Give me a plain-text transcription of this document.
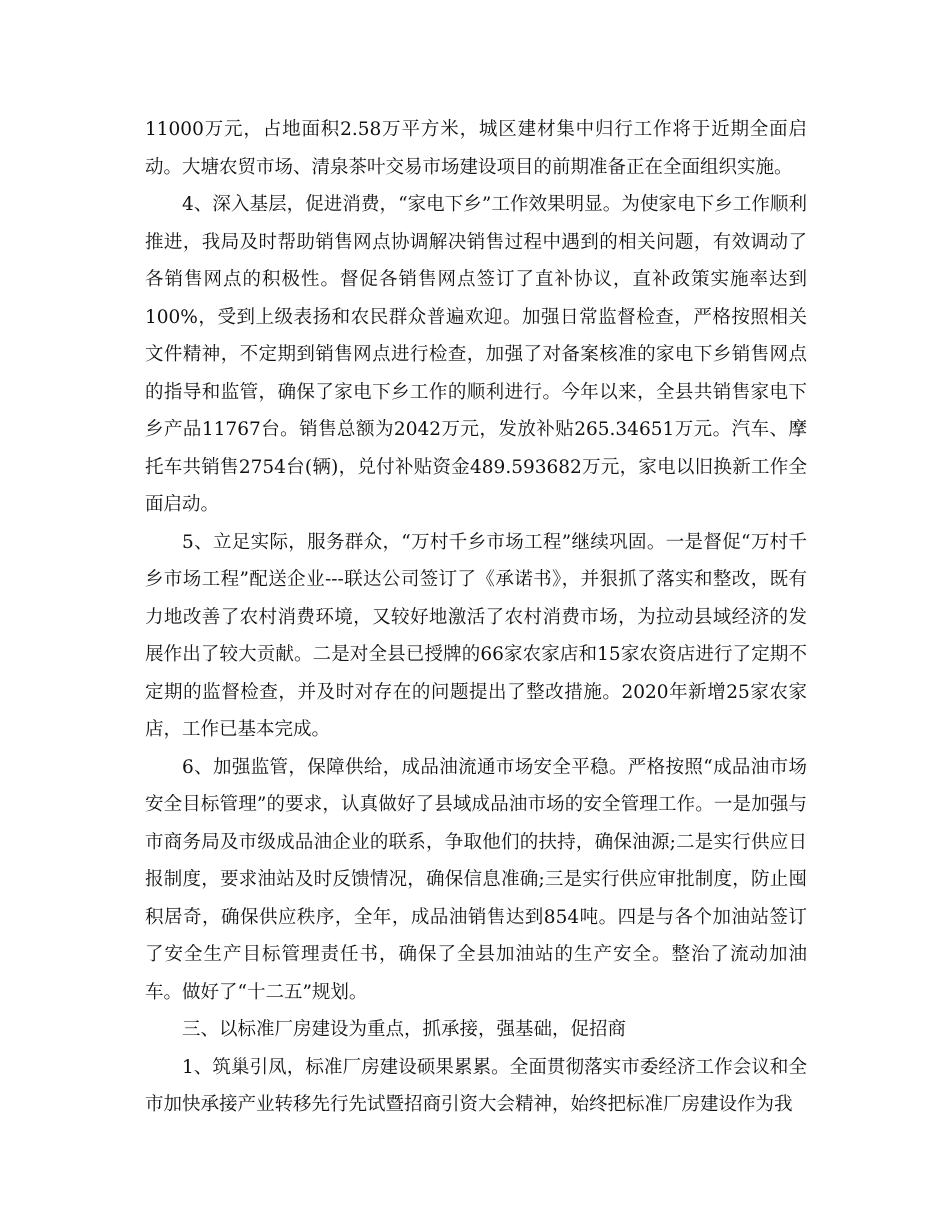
11000万元，占地面积2.58万平方米，城区建材集中归行工作将于近期全面启动。大塘农贸市场、清泉茶叶交易市场建设项目的前期准备正在全面组织实施。

4、深入基层，促进消费，“家电下乡”工作效果明显。为使家电下乡工作顺利推进，我局及时帮助销售网点协调解决销售过程中遇到的相关问题，有效调动了各销售网点的积极性。督促各销售网点签订了直补协议，直补政策实施率达到100%，受到上级表扬和农民群众普遍欢迎。加强日常监督检查，严格按照相关文件精神，不定期到销售网点进行检查，加强了对备案核准的家电下乡销售网点的指导和监管，确保了家电下乡工作的顺利进行。今年以来，全县共销售家电下乡产品11767台。销售总额为2042万元，发放补贴265.34651万元。汽车、摩托车共销售2754台(辆)，兑付补贴资金489.593682万元，家电以旧换新工作全面启动。

5、立足实际，服务群众，“万村千乡市场工程”继续巩固。一是督促“万村千乡市场工程”配送企业---联达公司签订了《承诺书》，并狠抓了落实和整改，既有力地改善了农村消费环境，又较好地激活了农村消费市场，为拉动县域经济的发展作出了较大贡献。二是对全县已授牌的66家农家店和15家农资店进行了定期不定期的监督检查，并及时对存在的问题提出了整改措施。2020年新增25家农家店，工作已基本完成。

6、加强监管，保障供给，成品油流通市场安全平稳。严格按照“成品油市场安全目标管理”的要求，认真做好了县域成品油市场的安全管理工作。一是加强与市商务局及市级成品油企业的联系，争取他们的扶持，确保油源;二是实行供应日报制度，要求油站及时反馈情况，确保信息准确;三是实行供应审批制度，防止囤积居奇，确保供应秩序，全年，成品油销售达到854吨。四是与各个加油站签订了安全生产目标管理责任书，确保了全县加油站的生产安全。整治了流动加油车。做好了“十二五”规划。

三、以标准厂房建设为重点，抓承接，强基础，促招商

1、筑巢引凤，标准厂房建设硕果累累。全面贯彻落实市委经济工作会议和全市加快承接产业转移先行先试暨招商引资大会精神，始终把标准厂房建设作为我
